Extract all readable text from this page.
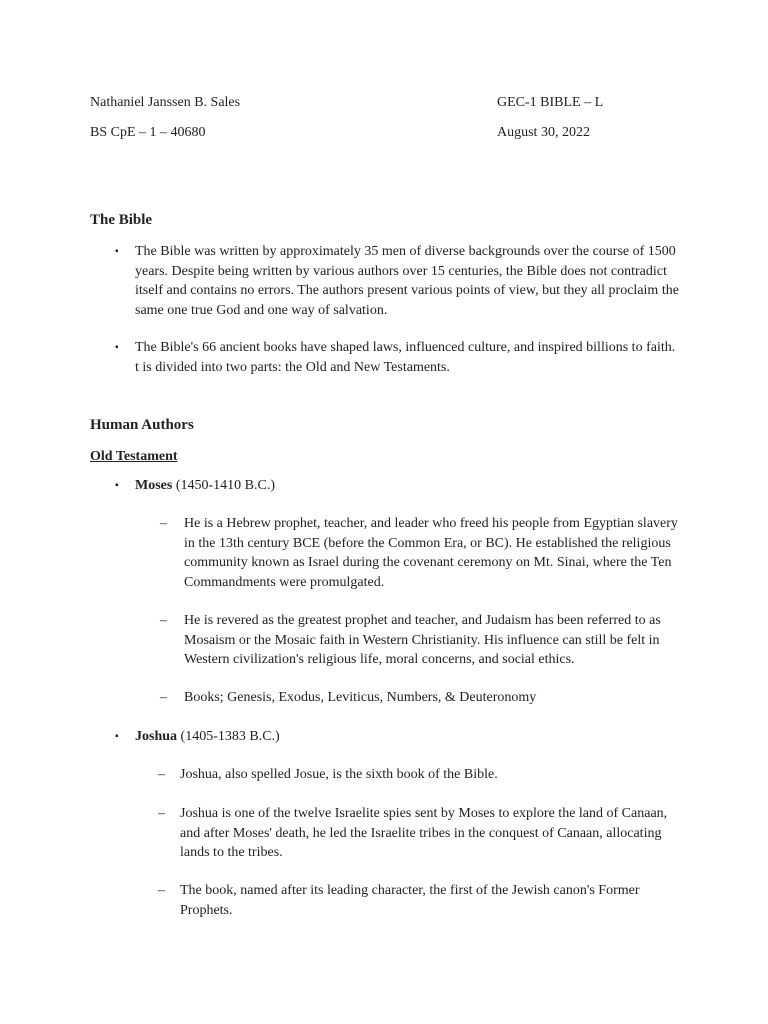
Nathaniel Janssen B. Sales
BS CpE – 1 – 40680
GEC-1 BIBLE – L
August 30, 2022
The Bible
▪ The Bible was written by approximately 35 men of diverse backgrounds over the course of 1500 years. Despite being written by various authors over 15 centuries, the Bible does not contradict itself and contains no errors. The authors present various points of view, but they all proclaim the same one true God and one way of salvation.
▪ The Bible's 66 ancient books have shaped laws, influenced culture, and inspired billions to faith. t is divided into two parts: the Old and New Testaments.
Human Authors
Old Testament
▪ Moses (1450-1410 B.C.)
– He is a Hebrew prophet, teacher, and leader who freed his people from Egyptian slavery in the 13th century BCE (before the Common Era, or BC). He established the religious community known as Israel during the covenant ceremony on Mt. Sinai, where the Ten Commandments were promulgated.
– He is revered as the greatest prophet and teacher, and Judaism has been referred to as Mosaism or the Mosaic faith in Western Christianity. His influence can still be felt in Western civilization's religious life, moral concerns, and social ethics.
– Books; Genesis, Exodus, Leviticus, Numbers, & Deuteronomy
▪ Joshua (1405-1383 B.C.)
– Joshua, also spelled Josue, is the sixth book of the Bible.
– Joshua is one of the twelve Israelite spies sent by Moses to explore the land of Canaan, and after Moses' death, he led the Israelite tribes in the conquest of Canaan, allocating lands to the tribes.
– The book, named after its leading character, the first of the Jewish canon's Former Prophets.
